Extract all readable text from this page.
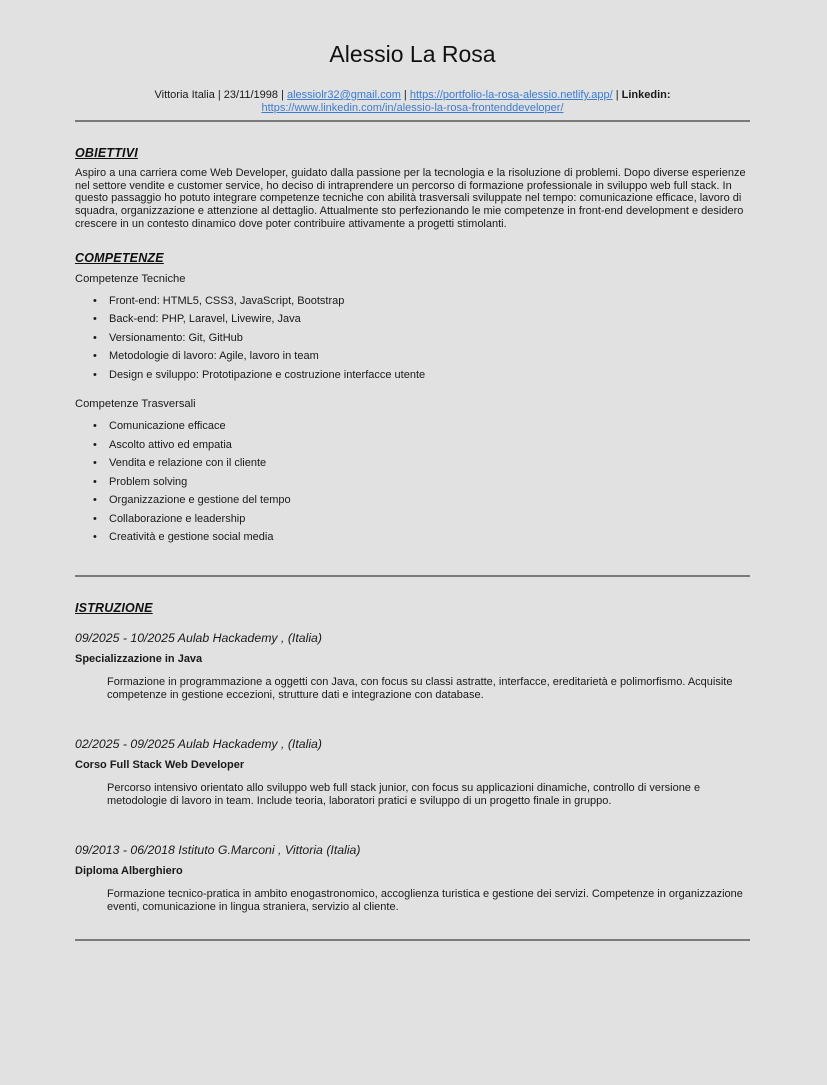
Alessio La Rosa
Vittoria Italia | 23/11/1998 | alessiolr32@gmail.com | https://portfolio-la-rosa-alessio.netlify.app/ | Linkedin: https://www.linkedin.com/in/alessio-la-rosa-frontenddeveloper/
OBIETTIVI

Aspiro a una carriera come Web Developer, guidato dalla passione per la tecnologia e la risoluzione di problemi. Dopo diverse esperienze nel settore vendite e customer service, ho deciso di intraprendere un percorso di formazione professionale in sviluppo web full stack. In questo passaggio ho potuto integrare competenze tecniche con abilità trasversali sviluppate nel tempo: comunicazione efficace, lavoro di squadra, organizzazione e attenzione al dettaglio. Attualmente sto perfezionando le mie competenze in front-end development e desidero crescere in un contesto dinamico dove poter contribuire attivamente a progetti stimolanti.

COMPETENZE

Competenze Tecniche

• Front-end: HTML5, CSS3, JavaScript, Bootstrap
• Back-end: PHP, Laravel, Livewire, Java
• Versionamento: Git, GitHub
• Metodologie di lavoro: Agile, lavoro in team
• Design e sviluppo: Prototipazione e costruzione interfacce utente

Competenze Trasversali

• Comunicazione efficace
• Ascolto attivo ed empatia
• Vendita e relazione con il cliente
• Problem solving
• Organizzazione e gestione del tempo
• Collaborazione e leadership
• Creatività e gestione social media
ISTRUZIONE

09/2025 - 10/2025 Aulab Hackademy , (Italia)

Specializzazione in Java

Formazione in programmazione a oggetti con Java, con focus su classi astratte, interfacce, ereditarietà e polimorfismo. Acquisite competenze in gestione eccezioni, strutture dati e integrazione con database.

02/2025 - 09/2025 Aulab Hackademy , (Italia)

Corso Full Stack Web Developer

Percorso intensivo orientato allo sviluppo web full stack junior, con focus su applicazioni dinamiche, controllo di versione e metodologie di lavoro in team. Include teoria, laboratori pratici e sviluppo di un progetto finale in gruppo.

09/2013 - 06/2018 Istituto G.Marconi , Vittoria (Italia)

Diploma Alberghiero

Formazione tecnico-pratica in ambito enogastronomico, accoglienza turistica e gestione dei servizi. Competenze in organizzazione eventi, comunicazione in lingua straniera, servizio al cliente.
